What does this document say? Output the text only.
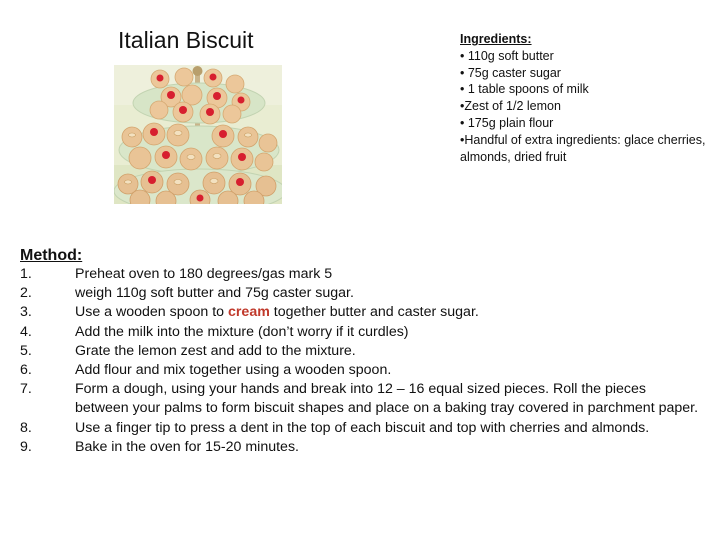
Italian Biscuit	Ingredients:
• 110g soft butter
• 75g caster sugar
• 1 table spoons of milk
•Zest of 1/2 lemon
• 175g plain flour
•Handful of extra ingredients: glace cherries, almonds, dried fruit
Method:
1.	Preheat oven to 180 degrees/gas mark 5
2.	weigh 110g soft butter and 75g caster sugar.
3.	Use a wooden spoon to cream together butter and caster sugar.
4.	Add the milk into the mixture (don’t worry if it curdles)
5.	Grate the lemon zest and add to the mixture.
6.	Add flour and mix together using a wooden spoon.
7.	Form a dough, using your hands and break into 12 – 16 equal sized pieces. Roll the pieces between your palms to form biscuit shapes and place on a baking tray covered in parchment paper.
8.	Use a finger tip to press a dent in the top of each biscuit and top with cherries and almonds.
9.	Bake in the oven for 15-20 minutes.
